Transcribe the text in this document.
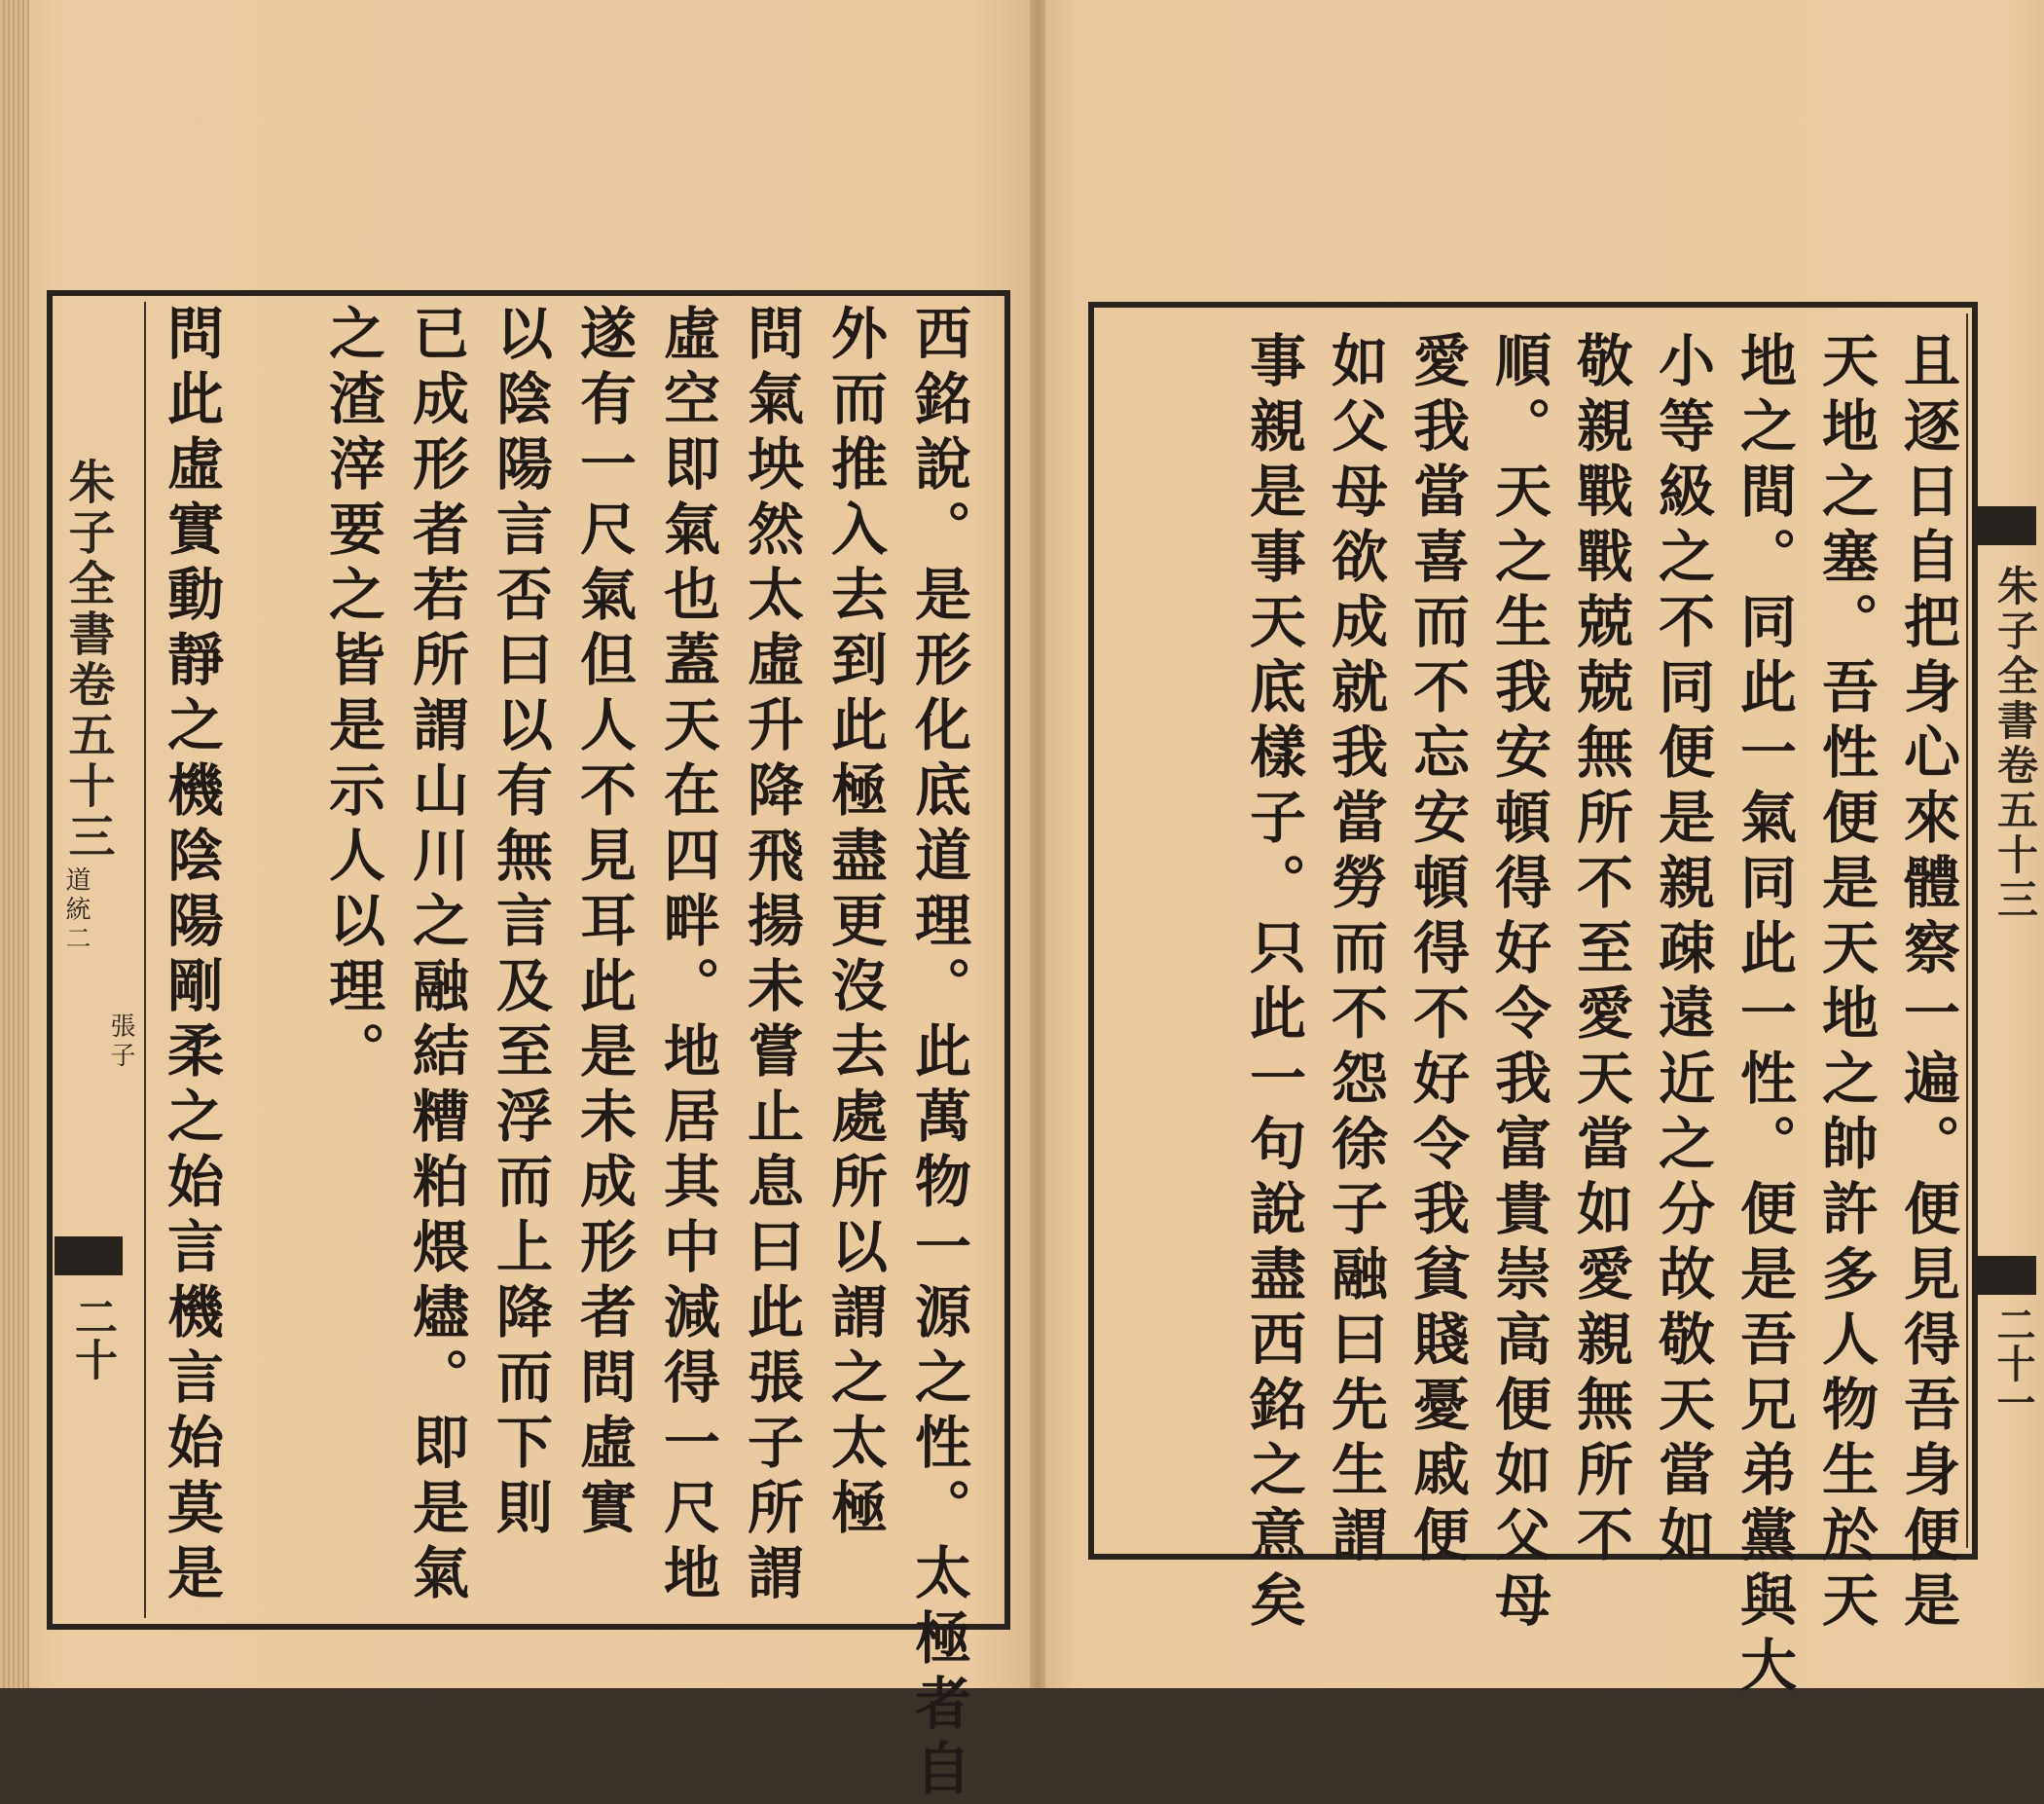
朱子全書卷五十三
道統二
張子
二十	西銘說。是形化底道理。此萬物一源之性。太極者自
外而推入去到此極盡更沒去處所以謂之太極
問氣坱然太虛升降飛揚未嘗止息曰此張子所謂
虛空即氣也蓋天在四畔。地居其中減得一尺地
遂有一尺氣但人不見耳此是未成形者問虛實
以陰陽言否曰以有無言及至浮而上降而下則
已成形者若所謂山川之融結糟粕煨燼。即是氣
之渣滓要之皆是示人以理。
問此虛實動靜之機陰陽剛柔之始言機言始莫是	且逐日自把身心來體察一遍。便見得吾身便是
天地之塞。吾性便是天地之帥許多人物生於天
地之間。同此一氣同此一性。便是吾兄弟黨與大
小等級之不同便是親疎遠近之分故敬天當如
敬親戰戰兢兢無所不至愛天當如愛親無所不
順。天之生我安頓得好令我富貴崇高便如父母
愛我當喜而不忘安頓得不好令我貧賤憂戚便
如父母欲成就我當勞而不怨徐子融曰先生謂
事親是事天底樣子。只此一句說盡西銘之意矣	朱子全書卷五十三
二十一
